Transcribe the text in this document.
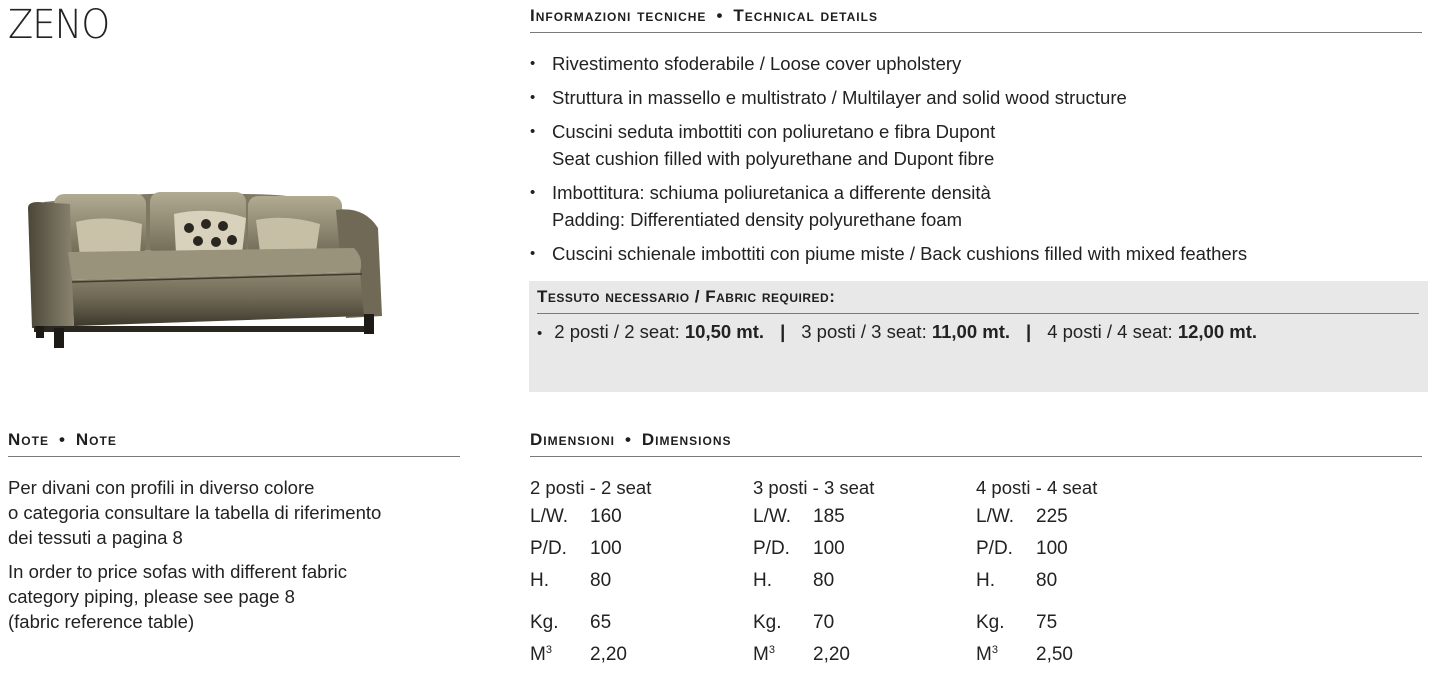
ZENO	Informazioni tecniche • Technical details
• Rivestimento sfoderabile / Loose cover upholstery
• Struttura in massello e multistrato / Multilayer and solid wood structure
• Cuscini seduta imbottiti con poliuretano e fibra Dupont
Seat cushion filled with polyurethane and Dupont fibre
• Imbottitura: schiuma poliuretanica a differente densità
Padding: Differentiated density polyurethane foam
• Cuscini schienale imbottiti con piume miste / Back cushions filled with mixed feathers
Tessuto necessario / Fabric required:
• 2 posti / 2 seat: 10,50 mt. | 3 posti / 3 seat: 11,00 mt. | 4 posti / 4 seat: 12,00 mt.
Note • Note

Per divani con profili in diverso colore
o categoria consultare la tabella di riferimento
dei tessuti a pagina 8

In order to price sofas with different fabric
category piping, please see page 8
(fabric reference table)

Dimensioni • Dimensions
2 posti - 2 seat
L/W. 160
P/D. 100
H. 80
Kg. 65
$M^3$ 2,20
3 posti - 3 seat
L/W. 185
P/D. 100
H. 80
Kg. 70
$M^3$ 2,20
4 posti - 4 seat
L/W. 225
P/D. 100
H. 80
Kg. 75
$M^3$ 2,50
